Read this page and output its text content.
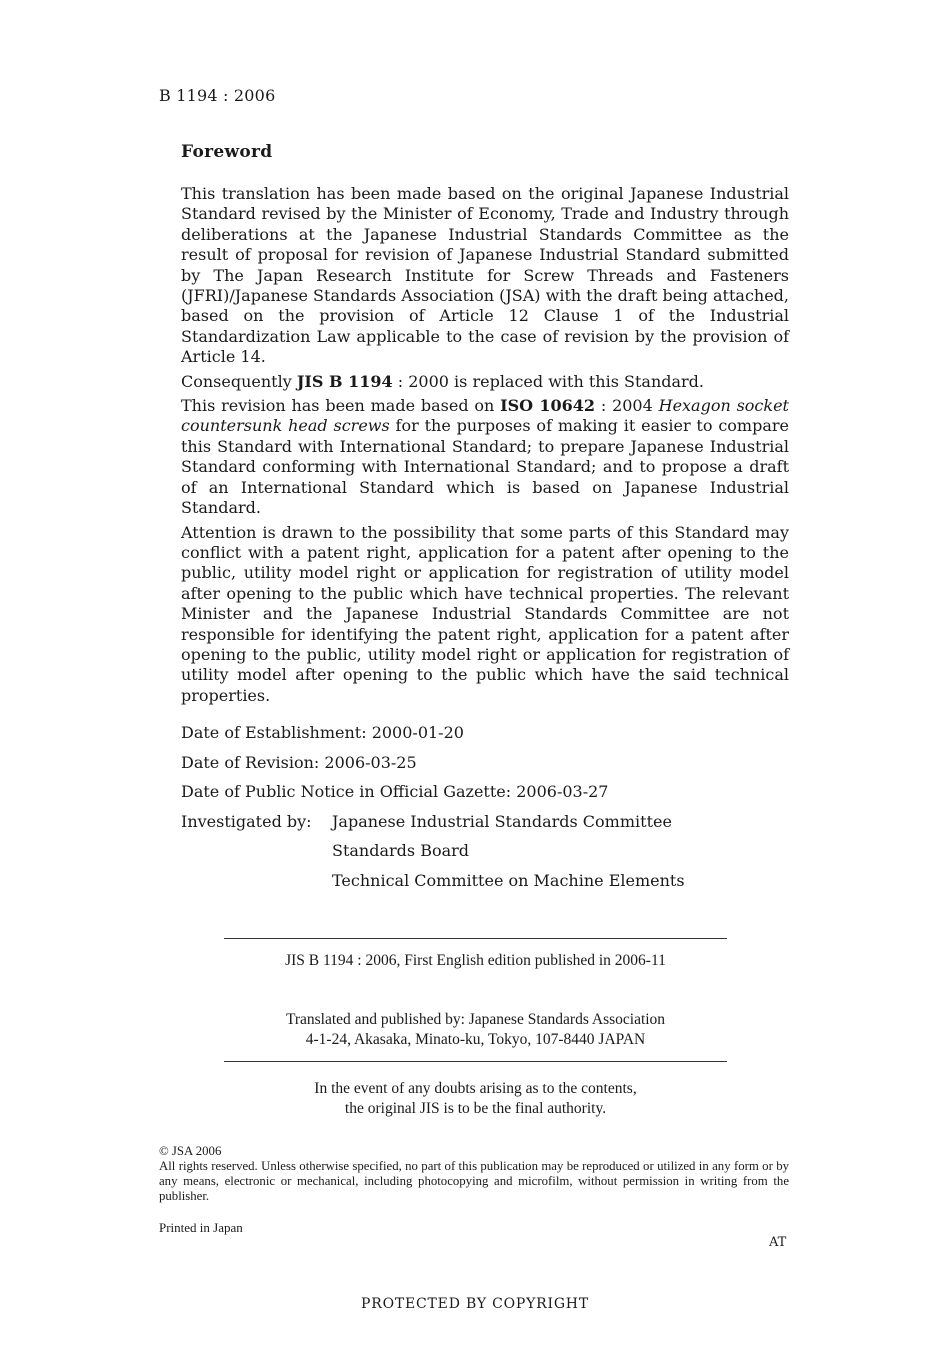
B 1194 : 2006
Foreword

This translation has been made based on the original Japanese Industrial Standard revised by the Minister of Economy, Trade and Industry through deliberations at the Japanese Industrial Standards Committee as the result of proposal for revision of Japanese Industrial Standard submitted by The Japan Research Institute for Screw Threads and Fasteners (JFRI)/Japanese Standards Association (JSA) with the draft being attached, based on the provision of Article 12 Clause 1 of the Industrial Standardization Law applicable to the case of revision by the provision of Article 14.

Consequently JIS B 1194 : 2000 is replaced with this Standard.

This revision has been made based on ISO 10642 : 2004 Hexagon socket countersunk head screws for the purposes of making it easier to compare this Standard with International Standard; to prepare Japanese Industrial Standard conforming with International Standard; and to propose a draft of an International Standard which is based on Japanese Industrial Standard.

Attention is drawn to the possibility that some parts of this Standard may conflict with a patent right, application for a patent after opening to the public, utility model right or application for registration of utility model after opening to the public which have technical properties. The relevant Minister and the Japanese Industrial Standards Committee are not responsible for identifying the patent right, application for a patent after opening to the public, utility model right or application for registration of utility model after opening to the public which have the said technical properties.

Date of Establishment: 2000-01-20
Date of Revision: 2006-03-25
Date of Public Notice in Official Gazette: 2006-03-27
Investigated by:	Japanese Industrial Standards Committee
Standards Board
Technical Committee on Machine Elements
JIS B 1194 : 2006, First English edition published in 2006-11
Translated and published by: Japanese Standards Association
4-1-24, Akasaka, Minato-ku, Tokyo, 107-8440 JAPAN
In the event of any doubts arising as to the contents,
the original JIS is to be the final authority.
© JSA 2006
All rights reserved. Unless otherwise specified, no part of this publication may be reproduced or utilized in any form or by any means, electronic or mechanical, including photocopying and microfilm, without permission in writing from the publisher.
Printed in Japan
AT
PROTECTED BY COPYRIGHT
